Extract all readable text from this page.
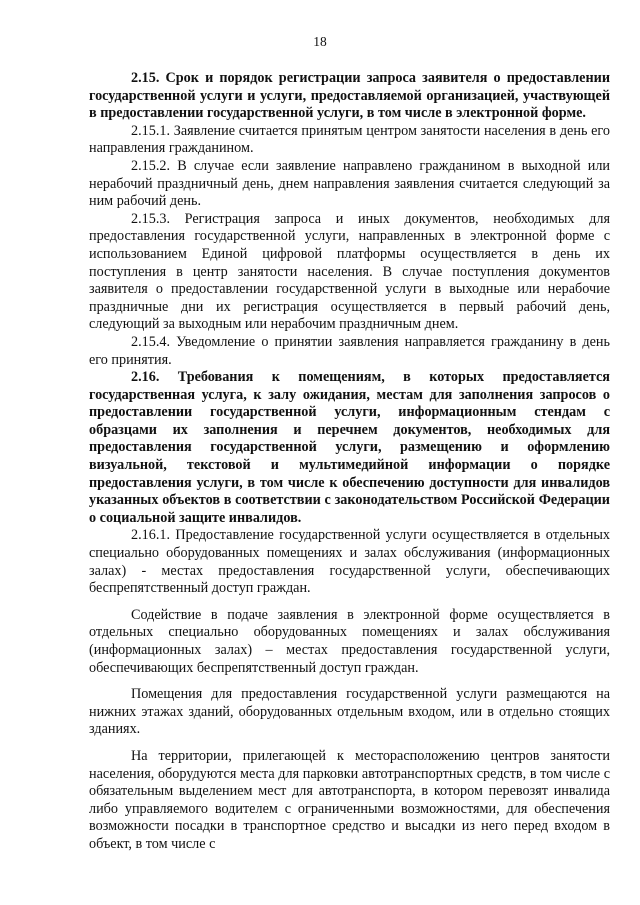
18

2.15. Срок и порядок регистрации запроса заявителя о предоставлении государственной услуги и услуги, предоставляемой организацией, участвующей в предоставлении государственной услуги, в том числе в электронной форме.

2.15.1. Заявление считается принятым центром занятости населения в день его направления гражданином.

2.15.2. В случае если заявление направлено гражданином в выходной или нерабочий праздничный день, днем направления заявления считается следующий за ним рабочий день.

2.15.3. Регистрация запроса и иных документов, необходимых для предоставления государственной услуги, направленных в электронной форме с использованием Единой цифровой платформы осуществляется в день их поступления в центр занятости населения. В случае поступления документов заявителя о предоставлении государственной услуги в выходные или нерабочие праздничные дни их регистрация осуществляется в первый рабочий день, следующий за выходным или нерабочим праздничным днем.

2.15.4. Уведомление о принятии заявления направляется гражданину в день его принятия.

2.16. Требования к помещениям, в которых предоставляется государственная услуга, к залу ожидания, местам для заполнения запросов о предоставлении государственной услуги, информационным стендам с образцами их заполнения и перечнем документов, необходимых для предоставления государственной услуги, размещению и оформлению визуальной, текстовой и мультимедийной информации о порядке предоставления услуги, в том числе к обеспечению доступности для инвалидов указанных объектов в соответствии с законодательством Российской Федерации о социальной защите инвалидов.

2.16.1. Предоставление государственной услуги осуществляется в отдельных специально оборудованных помещениях и залах обслуживания (информационных залах) - местах предоставления государственной услуги, обеспечивающих беспрепятственный доступ граждан.

Содействие в подаче заявления в электронной форме осуществляется в отдельных специально оборудованных помещениях и залах обслуживания (информационных залах) – местах предоставления государственной услуги, обеспечивающих беспрепятственный доступ граждан.

Помещения для предоставления государственной услуги размещаются на нижних этажах зданий, оборудованных отдельным входом, или в отдельно стоящих зданиях.

На территории, прилегающей к месторасположению центров занятости населения, оборудуются места для парковки автотранспортных средств, в том числе с обязательным выделением мест для автотранспорта, в котором перевозят инвалида либо управляемого водителем с ограниченными возможностями, для обеспечения возможности посадки в транспортное средство и высадки из него перед входом в объект, в том числе с
